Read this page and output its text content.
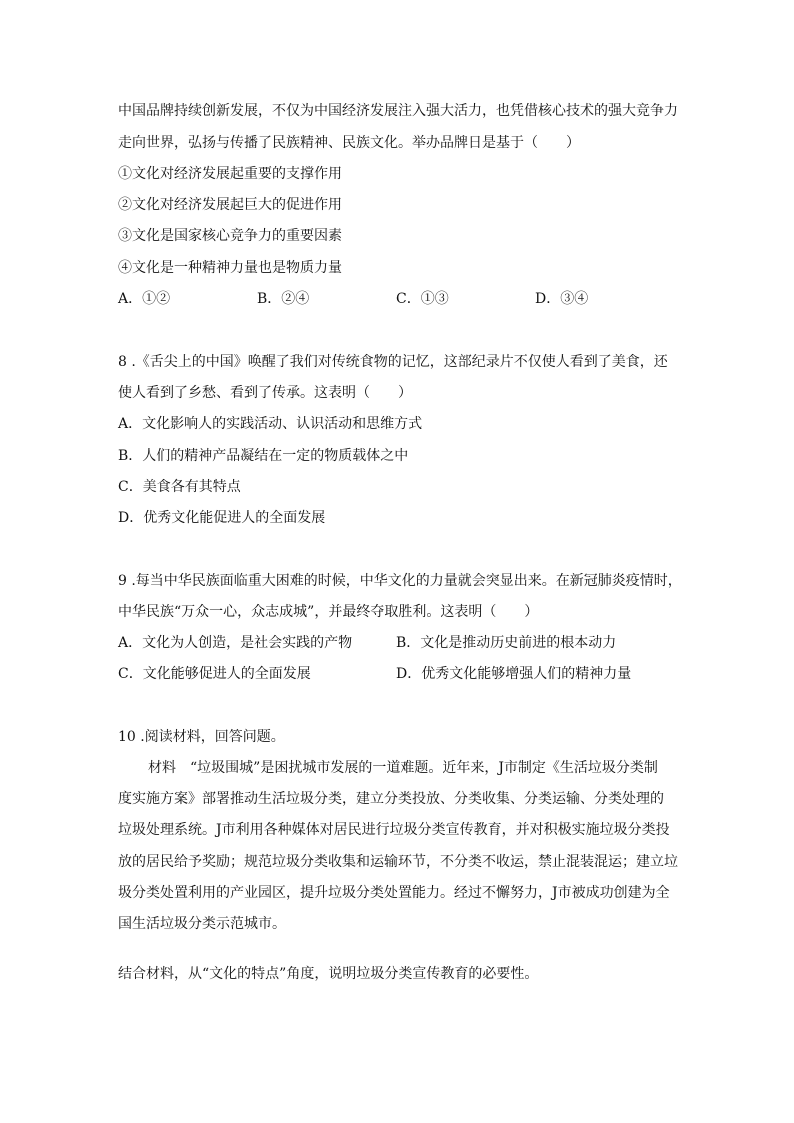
中国品牌持续创新发展，不仅为中国经济发展注入强大活力，也凭借核心技术的强大竞争力
走向世界，弘扬与传播了民族精神、民族文化。举办品牌日是基于（　　）
①文化对经济发展起重要的支撑作用
②文化对经济发展起巨大的促进作用
③文化是国家核心竞争力的重要因素
④文化是一种精神力量也是物质力量
A．①②	B．②④	C．①③	D．③④
8 .《舌尖上的中国》唤醒了我们对传统食物的记忆，这部纪录片不仅使人看到了美食，还
使人看到了乡愁、看到了传承。这表明（　　）
A．文化影响人的实践活动、认识活动和思维方式
B．人们的精神产品凝结在一定的物质载体之中
C．美食各有其特点
D．优秀文化能促进人的全面发展
9 .每当中华民族面临重大困难的时候，中华文化的力量就会突显出来。在新冠肺炎疫情时，
中华民族“万众一心，众志成城”，并最终夺取胜利。这表明（　　）
A．文化为人创造，是社会实践的产物	B．文化是推动历史前进的根本动力
C．文化能够促进人的全面发展	D．优秀文化能够增强人们的精神力量
10 .阅读材料，回答问题。
材料　“垃圾围城”是困扰城市发展的一道难题。近年来，J市制定《生活垃圾分类制
度实施方案》部署推动生活垃圾分类，建立分类投放、分类收集、分类运输、分类处理的
垃圾处理系统。J市利用各种媒体对居民进行垃圾分类宣传教育，并对积极实施垃圾分类投
放的居民给予奖励；规范垃圾分类收集和运输环节，不分类不收运，禁止混装混运；建立垃
圾分类处置利用的产业园区，提升垃圾分类处置能力。经过不懈努力，J市被成功创建为全
国生活垃圾分类示范城市。
结合材料，从“文化的特点”角度，说明垃圾分类宣传教育的必要性。
